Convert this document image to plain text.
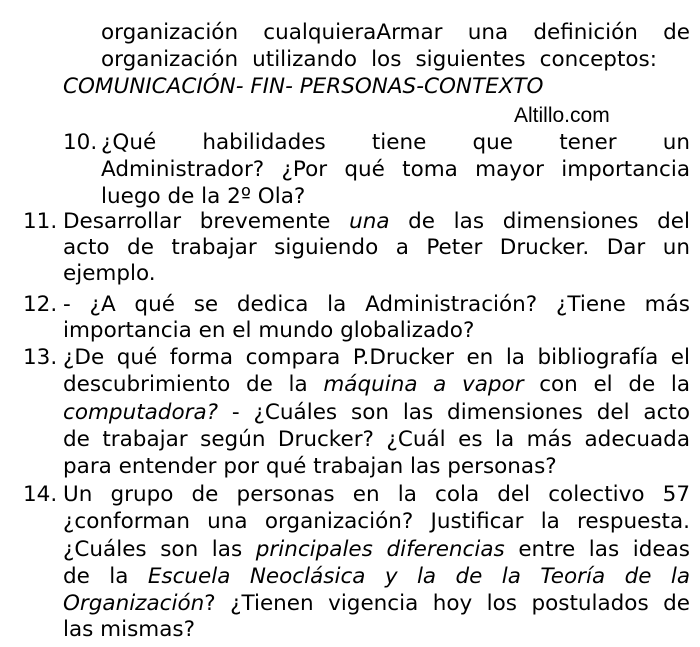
organización cualquieraArmar una definición de
organización utilizando los siguientes conceptos:
COMUNICACIÓN- FIN- PERSONAS-CONTEXTO
Altillo.com
10. ¿Qué habilidades tiene que tener un
Administrador? ¿Por qué toma mayor importancia
luego de la 2º Ola?
11. Desarrollar brevemente una de las dimensiones del
acto de trabajar siguiendo a Peter Drucker. Dar un
ejemplo.
12. - ¿A qué se dedica la Administración? ¿Tiene más
importancia en el mundo globalizado?
13. ¿De qué forma compara P.Drucker en la bibliografía el
descubrimiento de la máquina a vapor con el de la
computadora? - ¿Cuáles son las dimensiones del acto
de trabajar según Drucker? ¿Cuál es la más adecuada
para entender por qué trabajan las personas?
14. Un grupo de personas en la cola del colectivo 57
¿conforman una organización? Justificar la respuesta.
¿Cuáles son las principales diferencias entre las ideas
de la Escuela Neoclásica y la de la Teoría de la
Organización? ¿Tienen vigencia hoy los postulados de
las mismas?
